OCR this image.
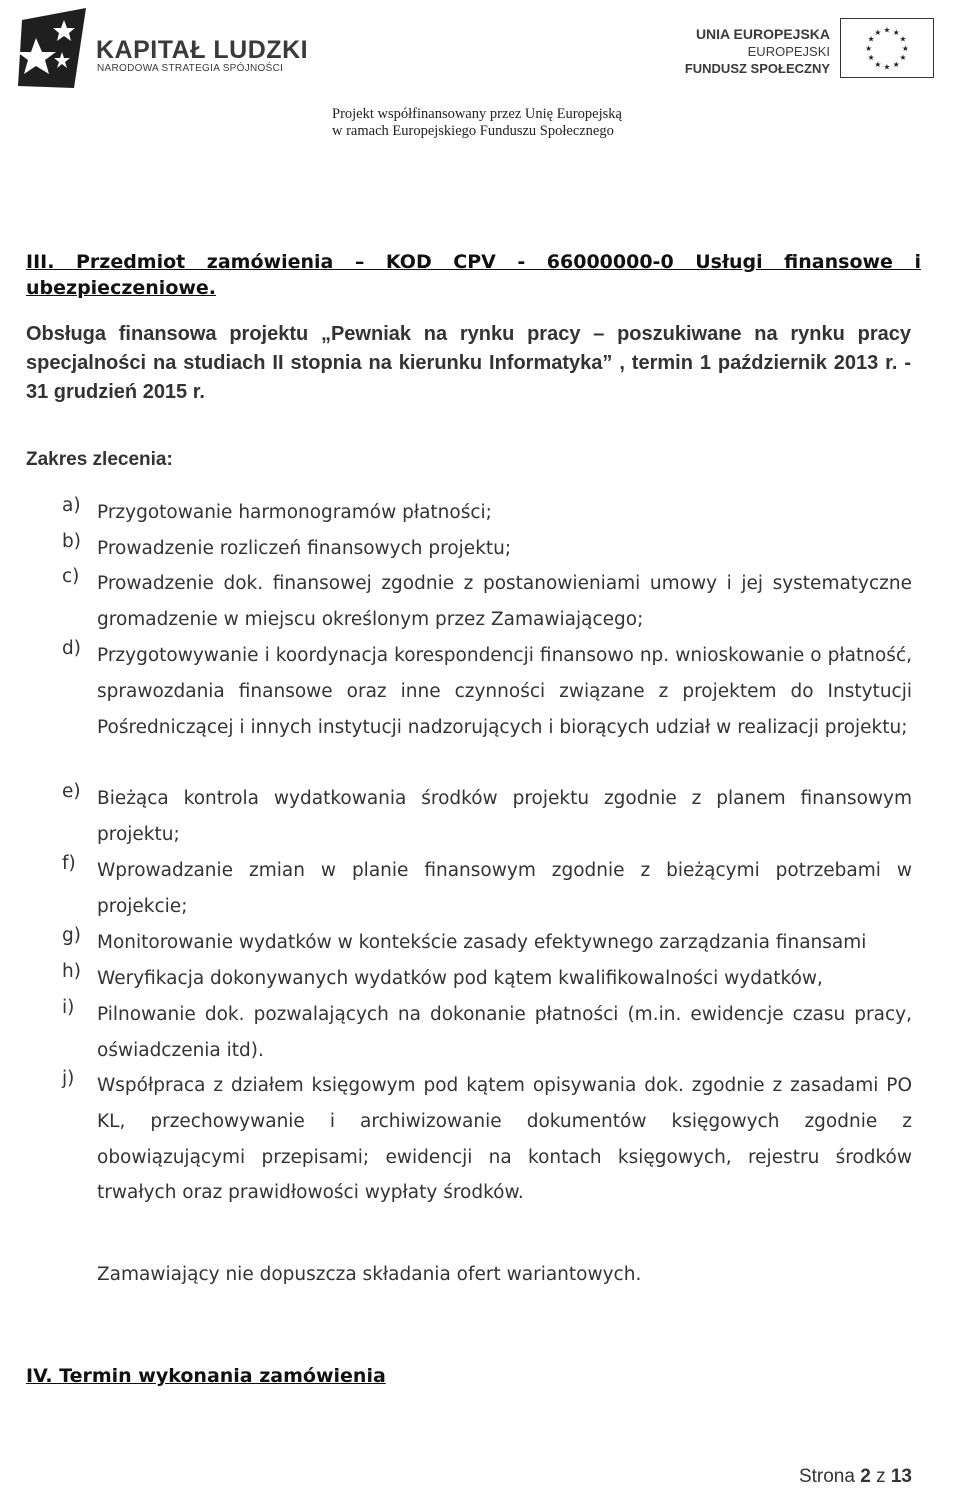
KAPITAŁ LUDZKI
NARODOWA STRATEGIA SPÓJNOŚCI
UNIA EUROPEJSKA
EUROPEJSKI
FUNDUSZ SPOŁECZNY
★ ★
★
★
★
★
★
★
★
★
★
★
Projekt współfinansowany przez Unię Europejską
w ramach Europejskiego Funduszu Społecznego
III. Przedmiot zamówienia – KOD CPV - 66000000-0 Usługi finansowe i
ubezpieczeniowe.
Obsługa finansowa projektu „Pewniak na rynku pracy – poszukiwane na rynku pracy specjalności na studiach II stopnia na kierunku Informatyka” , termin 1 październik 2013 r. - 31 grudzień 2015 r.
Zakres zlecenia:
a) Przygotowanie harmonogramów płatności;
b) Prowadzenie rozliczeń finansowych projektu;
c) Prowadzenie dok. finansowej zgodnie z postanowieniami umowy i jej systematyczne gromadzenie w miejscu określonym przez Zamawiającego;
d) Przygotowywanie i koordynacja korespondencji finansowo np. wnioskowanie o płatność, sprawozdania finansowe oraz inne czynności związane z projektem do Instytucji Pośredniczącej i innych instytucji nadzorujących i biorących udział w realizacji projektu;
e) Bieżąca kontrola wydatkowania środków projektu zgodnie z planem finansowym projektu;
f)	Wprowadzanie zmian w planie finansowym zgodnie z bieżącymi potrzebami w projekcie;
g) Monitorowanie wydatków w kontekście zasady efektywnego zarządzania finansami
h) Weryfikacja dokonywanych wydatków pod kątem kwalifikowalności wydatków,
i)	Pilnowanie dok. pozwalających na dokonanie płatności (m.in. ewidencje czasu pracy, oświadczenia itd).
j)	Współpraca z działem księgowym pod kątem opisywania dok. zgodnie z zasadami PO KL, przechowywanie i archiwizowanie dokumentów księgowych zgodnie z obowiązującymi przepisami; ewidencji na kontach księgowych, rejestru środków trwałych oraz prawidłowości wypłaty środków.
Zamawiający nie dopuszcza składania ofert wariantowych.
IV. Termin wykonania zamówienia
Strona 2 z 13
